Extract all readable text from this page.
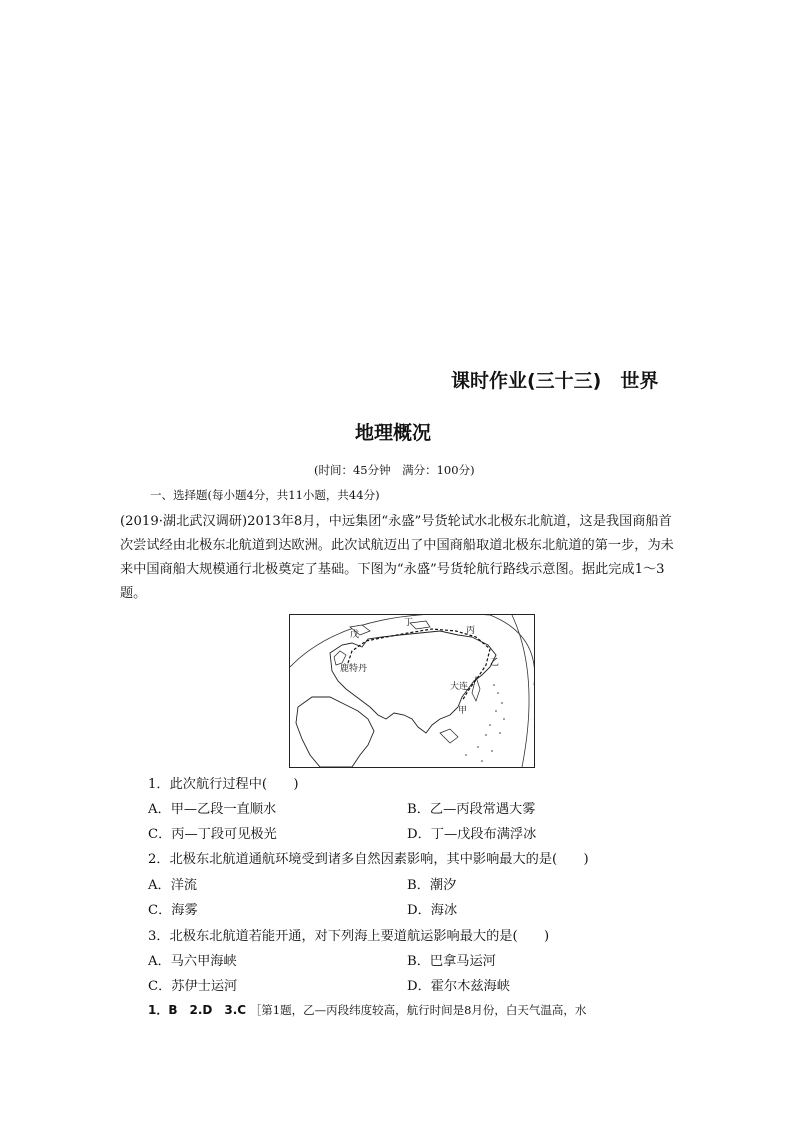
课时作业(三十三)　世界
地理概况
(时间：45分钟　满分：100分)
一、选择题(每小题4分，共11小题，共44分)
(2019·湖北武汉调研)2013年8月，中远集团“永盛”号货轮试水北极东北航道，这是我国商船首次尝试经由北极东北航道到达欧洲。此次试航迈出了中国商船取道北极东北航道的第一步，为未来中国商船大规模通行北极奠定了基础。下图为“永盛”号货轮航行路线示意图。据此完成1～3题。
丁
丙
戊
鹿特丹
大连
甲
乙
1．此次航行过程中(　　)
A．甲—乙段一直顺水	B．乙—丙段常遇大雾
C．丙—丁段可见极光	D．丁—戊段布满浮冰
2．北极东北航道通航环境受到诸多自然因素影响，其中影响最大的是(　　)
A．洋流	B．潮汐
C．海雾	D．海冰
3．北极东北航道若能开通，对下列海上要道航运影响最大的是(　　)
A．马六甲海峡	B．巴拿马运河
C．苏伊士运河	D．霍尔木兹海峡
1．B　2.D　3.C ［第1题，乙—丙段纬度较高，航行时间是8月份，白天气温高，水
